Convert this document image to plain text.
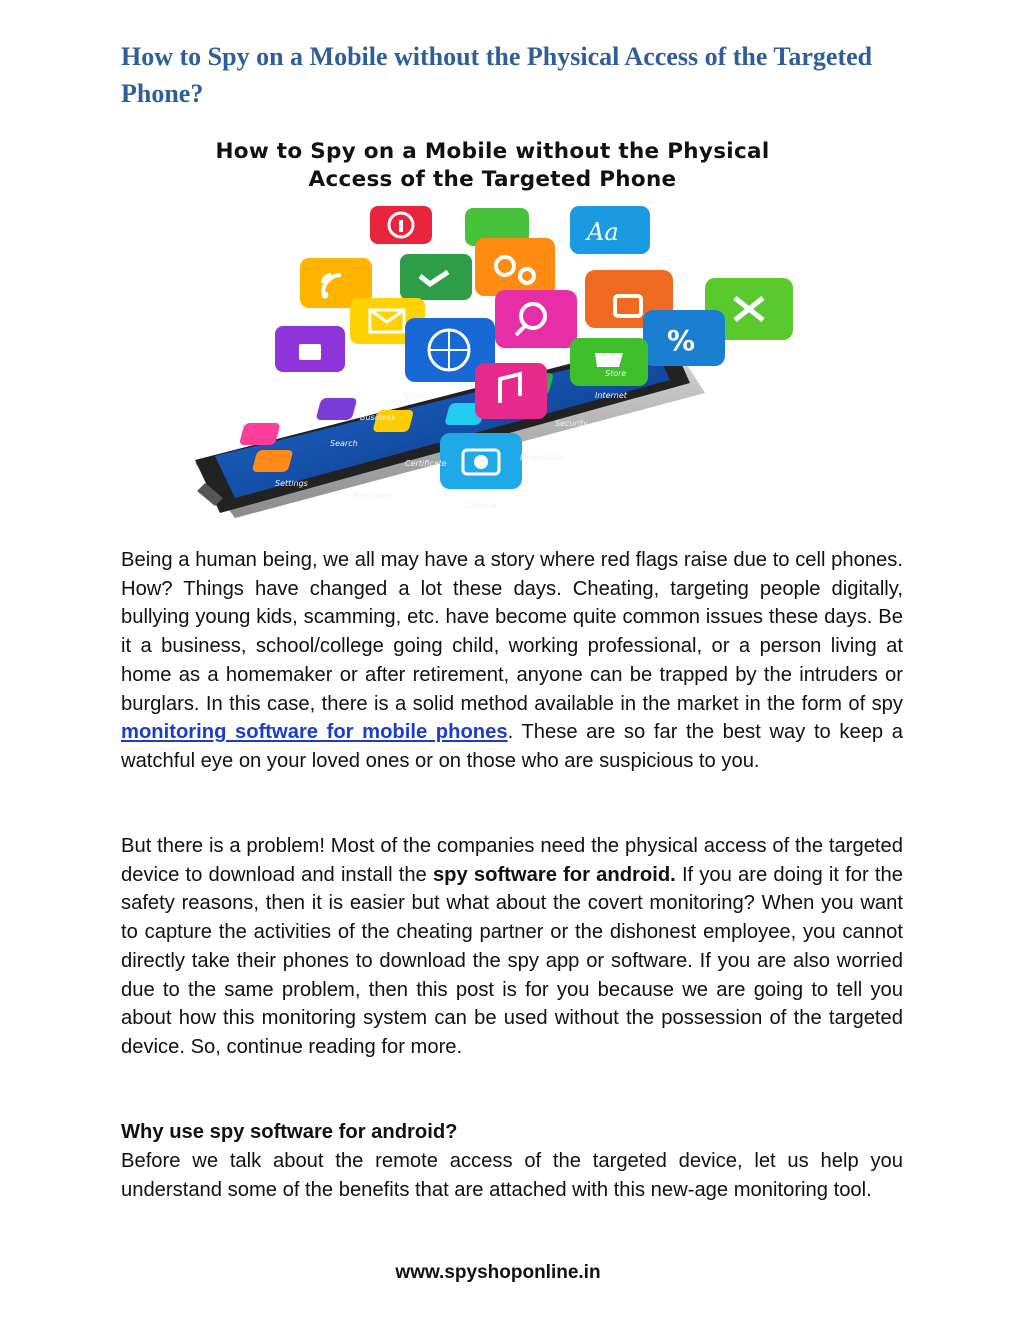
How to Spy on a Mobile without the Physical Access of the Targeted Phone?
How to Spy on a Mobile without the Physical
Access of the Targeted Phone
Aa
%
News
Business
Search
Settings
Messages
Certificate
Internet
Security
Store
Downloads
Camera

Being a human being, we all may have a story where red flags raise due to cell phones. How? Things have changed a lot these days. Cheating, targeting people digitally, bullying young kids, scamming, etc. have become quite common issues these days. Be it a business, school/college going child, working professional, or a person living at home as a homemaker or after retirement, anyone can be trapped by the intruders or burglars. In this case, there is a solid method available in the market in the form of spy monitoring software for mobile phones. These are so far the best way to keep a watchful eye on your loved ones or on those who are suspicious to you.

But there is a problem! Most of the companies need the physical access of the targeted device to download and install the spy software for android. If you are doing it for the safety reasons, then it is easier but what about the covert monitoring? When you want to capture the activities of the cheating partner or the dishonest employee, you cannot directly take their phones to download the spy app or software. If you are also worried due to the same problem, then this post is for you because we are going to tell you about how this monitoring system can be used without the possession of the targeted device. So, continue reading for more.

Why use spy software for android?

Before we talk about the remote access of the targeted device, let us help you understand some of the benefits that are attached with this new-age monitoring tool.

www.spyshoponline.in
